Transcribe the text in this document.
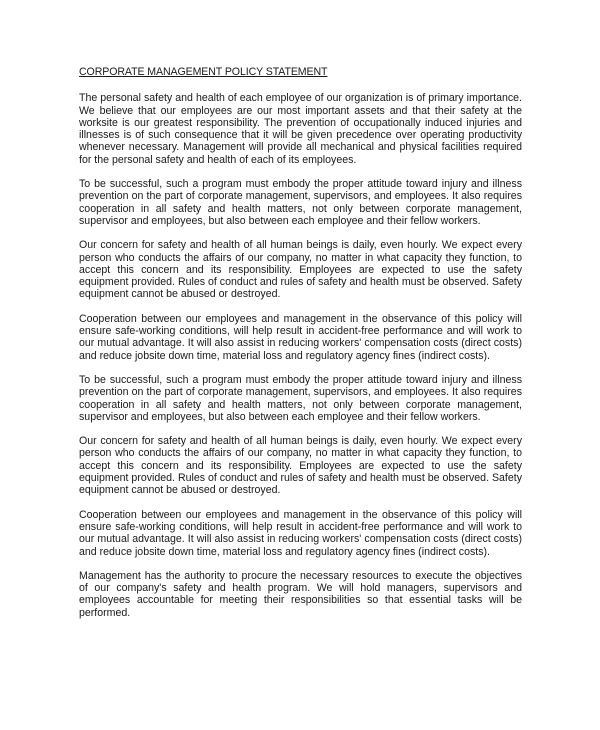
CORPORATE MANAGEMENT POLICY STATEMENT

The personal safety and health of each employee of our organization is of primary importance. We believe that our employees are our most important assets and that their safety at the worksite is our greatest responsibility. The prevention of occupationally induced injuries and illnesses is of such consequence that it will be given precedence over operating productivity whenever necessary. Management will provide all mechanical and physical facilities required for the personal safety and health of each of its employees.

To be successful, such a program must embody the proper attitude toward injury and illness prevention on the part of corporate management, supervisors, and employees. It also requires cooperation in all safety and health matters, not only between corporate management, supervisor and employees, but also between each employee and their fellow workers.

Our concern for safety and health of all human beings is daily, even hourly. We expect every person who conducts the affairs of our company, no matter in what capacity they function, to accept this concern and its responsibility. Employees are expected to use the safety equipment provided. Rules of conduct and rules of safety and health must be observed. Safety equipment cannot be abused or destroyed.

Cooperation between our employees and management in the observance of this policy will ensure safe-working conditions, will help result in accident-free performance and will work to our mutual advantage. It will also assist in reducing workers' compensation costs (direct costs) and reduce jobsite down time, material loss and regulatory agency fines (indirect costs).

To be successful, such a program must embody the proper attitude toward injury and illness prevention on the part of corporate management, supervisors, and employees. It also requires cooperation in all safety and health matters, not only between corporate management, supervisor and employees, but also between each employee and their fellow workers.

Our concern for safety and health of all human beings is daily, even hourly. We expect every person who conducts the affairs of our company, no matter in what capacity they function, to accept this concern and its responsibility. Employees are expected to use the safety equipment provided. Rules of conduct and rules of safety and health must be observed. Safety equipment cannot be abused or destroyed.

Cooperation between our employees and management in the observance of this policy will ensure safe-working conditions, will help result in accident-free performance and will work to our mutual advantage. It will also assist in reducing workers' compensation costs (direct costs) and reduce jobsite down time, material loss and regulatory agency fines (indirect costs).

Management has the authority to procure the necessary resources to execute the objectives of our company's safety and health program. We will hold managers, supervisors and employees accountable for meeting their responsibilities so that essential tasks will be performed.
